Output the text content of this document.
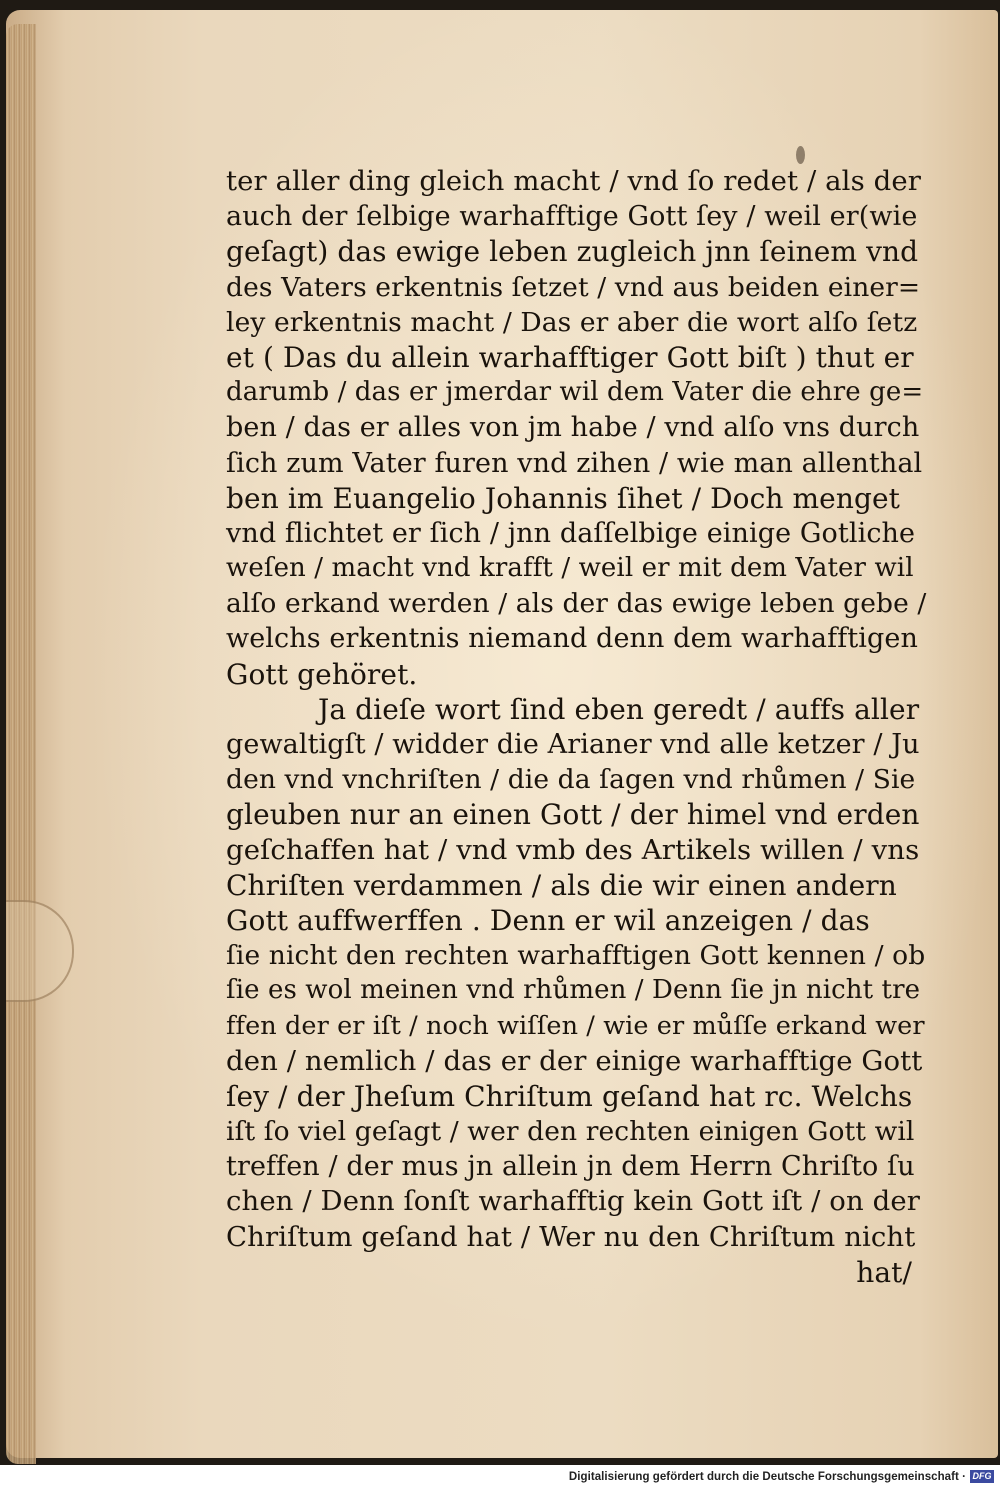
ter aller ding gleich macht / vnd ſo redet / als der
auch der ſelbige warhafftige Gott ſey / weil er(wie
geſagt) das ewige leben zugleich jnn ſeinem vnd
des Vaters erkentnis ſetzet / vnd aus beiden einer=
ley erkentnis macht / Das er aber die wort alſo ſetz
et ( Das du allein warhafftiger Gott biſt ) thut er
darumb / das er jmerdar wil dem Vater die ehre ge=
ben / das er alles von jm habe / vnd alſo vns durch
ſich zum Vater furen vnd zihen / wie man allenthal
ben im Euangelio Johannis ſihet / Doch menget
vnd flichtet er ſich / jnn daſſelbige einige Gotliche
weſen / macht vnd krafft / weil er mit dem Vater wil
alſo erkand werden / als der das ewige leben gebe /
welchs erkentnis niemand denn dem warhafftigen
Gott gehöret.
Ja dieſe wort ſind eben geredt / auffs aller
gewaltigſt / widder die Arianer vnd alle ketzer / Ju
den vnd vnchriſten / die da ſagen vnd rhůmen / Sie
gleuben nur an einen Gott / der himel vnd erden
geſchaffen hat / vnd vmb des Artikels willen / vns
Chriſten verdammen / als die wir einen andern
Gott auffwerffen . Denn er wil anzeigen / das
ſie nicht den rechten warhafftigen Gott kennen / ob
ſie es wol meinen vnd rhůmen / Denn ſie jn nicht tre
ffen der er iſt / noch wiſſen / wie er můſſe erkand wer
den / nemlich / das er der einige warhafftige Gott
ſey / der Jheſum Chriſtum geſand hat rc. Welchs
iſt ſo viel geſagt / wer den rechten einigen Gott wil
treffen / der mus jn allein jn dem Herrn Chriſto ſu
chen / Denn ſonſt warhafftig kein Gott iſt / on der
Chriſtum geſand hat / Wer nu den Chriſtum nicht
hat/
Digitalisierung gefördert durch die Deutsche Forschungsgemeinschaft · DFG
